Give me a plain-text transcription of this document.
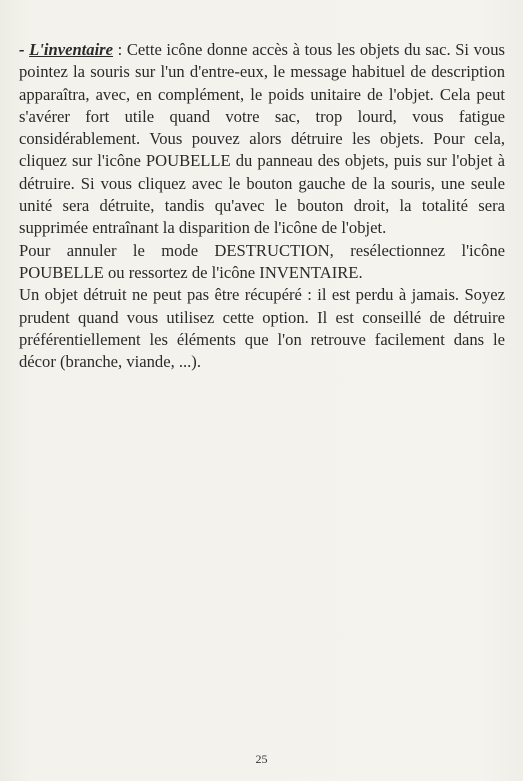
- L'inventaire : Cette icône donne accès à tous les objets du sac. Si vous pointez la souris sur l'un d'entre-eux, le message habituel de description apparaîtra, avec, en complément, le poids unitaire de l'objet. Cela peut s'avérer fort utile quand votre sac, trop lourd, vous fatigue considérablement. Vous pouvez alors détruire les objets. Pour cela, cliquez sur l'icône POUBELLE du panneau des objets, puis sur l'objet à détruire. Si vous cliquez avec le bouton gauche de la souris, une seule unité sera détruite, tandis qu'avec le bouton droit, la totalité sera supprimée entraînant la disparition de l'icône de l'objet.

Pour annuler le mode DESTRUCTION, resélectionnez l'icône POUBELLE ou ressortez de l'icône INVENTAIRE.

Un objet détruit ne peut pas être récupéré : il est perdu à jamais. Soyez prudent quand vous utilisez cette option. Il est conseillé de détruire préférentiellement les éléments que l'on retrouve facilement dans le décor (branche, viande, ...).

25
